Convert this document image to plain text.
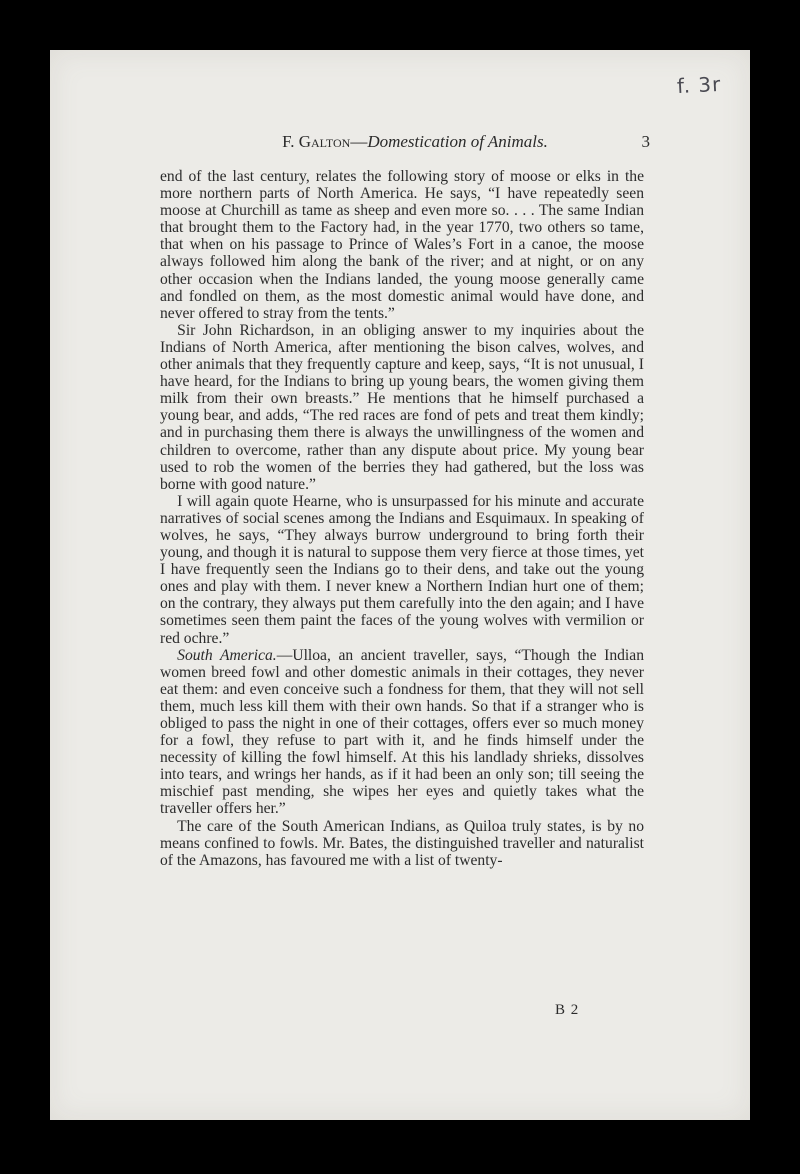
f. 3r
F. Galton—Domestication of Animals.	3

end of the last century, relates the following story of moose or elks in the more northern parts of North America. He says, “I have repeatedly seen moose at Churchill as tame as sheep and even more so. . . . The same Indian that brought them to the Factory had, in the year 1770, two others so tame, that when on his passage to Prince of Wales’s Fort in a canoe, the moose always followed him along the bank of the river; and at night, or on any other occasion when the Indians landed, the young moose generally came and fondled on them, as the most domestic animal would have done, and never offered to stray from the tents.”

Sir John Richardson, in an obliging answer to my inquiries about the Indians of North America, after mentioning the bison calves, wolves, and other animals that they frequently capture and keep, says, “It is not unusual, I have heard, for the Indians to bring up young bears, the women giving them milk from their own breasts.” He mentions that he himself purchased a young bear, and adds, “The red races are fond of pets and treat them kindly; and in purchasing them there is always the unwillingness of the women and children to overcome, rather than any dispute about price. My young bear used to rob the women of the berries they had gathered, but the loss was borne with good nature.”

I will again quote Hearne, who is unsurpassed for his minute and accurate narratives of social scenes among the Indians and Esquimaux. In speaking of wolves, he says, “They always burrow underground to bring forth their young, and though it is natural to suppose them very fierce at those times, yet I have frequently seen the Indians go to their dens, and take out the young ones and play with them. I never knew a Northern Indian hurt one of them; on the contrary, they always put them carefully into the den again; and I have sometimes seen them paint the faces of the young wolves with vermilion or red ochre.”

South America.—Ulloa, an ancient traveller, says, “Though the Indian women breed fowl and other domestic animals in their cottages, they never eat them: and even conceive such a fondness for them, that they will not sell them, much less kill them with their own hands. So that if a stranger who is obliged to pass the night in one of their cottages, offers ever so much money for a fowl, they refuse to part with it, and he finds himself under the necessity of killing the fowl himself. At this his landlady shrieks, dissolves into tears, and wrings her hands, as if it had been an only son; till seeing the mischief past mending, she wipes her eyes and quietly takes what the traveller offers her.”

The care of the South American Indians, as Quiloa truly states, is by no means confined to fowls. Mr. Bates, the distinguished traveller and naturalist of the Amazons, has favoured me with a list of twenty-

B 2
